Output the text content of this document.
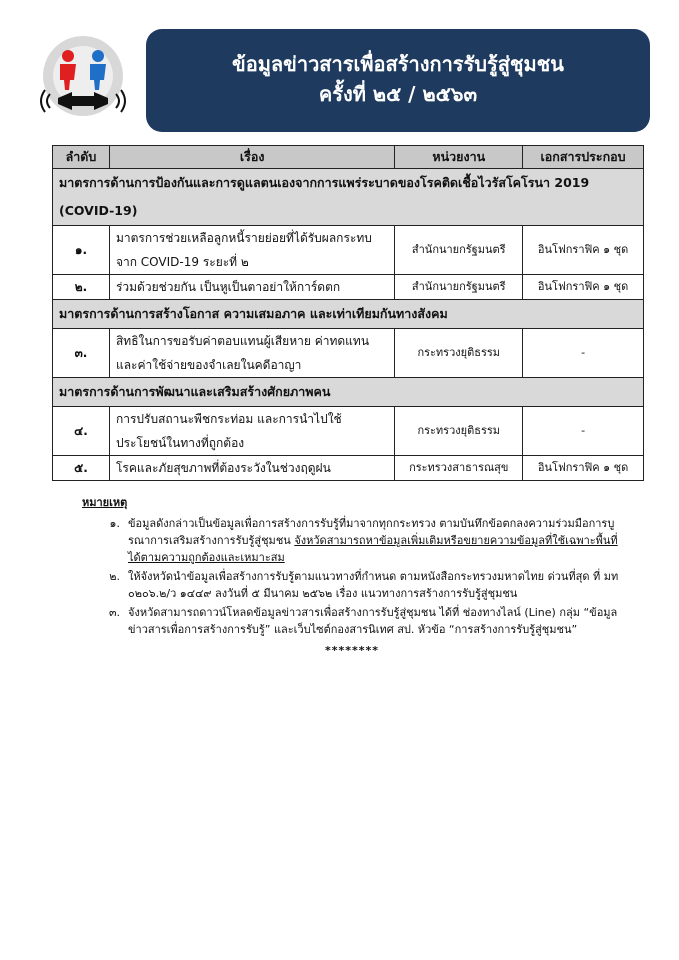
ข้อมูลข่าวสารเพื่อสร้างการรับรู้สู่ชุมชน
ครั้งที่ ๒๕ / ๒๕๖๓
ลำดับ	เรื่อง	หน่วยงาน	เอกสารประกอบ
มาตรการด้านการป้องกันและการดูแลตนเองจากการแพร่ระบาดของโรคติดเชื้อไวรัสโคโรนา 2019 (COVID-19)			
๑.	มาตรการช่วยเหลือลูกหนี้รายย่อยที่ได้รับผลกระทบจาก COVID-19 ระยะที่ ๒	สำนักนายกรัฐมนตรี	อินโฟกราฟิค ๑ ชุด
๒.	ร่วมด้วยช่วยกัน เป็นหูเป็นตาอย่าให้การ์ดตก	สำนักนายกรัฐมนตรี	อินโฟกราฟิค ๑ ชุด
มาตรการด้านการสร้างโอกาส ความเสมอภาค และเท่าเทียมกันทางสังคม			
๓.	สิทธิในการขอรับค่าตอบแทนผู้เสียหาย ค่าทดแทนและค่าใช้จ่ายของจำเลยในคดีอาญา	กระทรวงยุติธรรม	-
มาตรการด้านการพัฒนาและเสริมสร้างศักยภาพคน			
๔.	การปรับสถานะพืชกระท่อม และการนำไปใช้ประโยชน์ในทางที่ถูกต้อง	กระทรวงยุติธรรม	-
๕.	โรคและภัยสุขภาพที่ต้องระวังในช่วงฤดูฝน	กระทรวงสาธารณสุข	อินโฟกราฟิค ๑ ชุด
หมายเหตุ
๑. ข้อมูลดังกล่าวเป็นข้อมูลเพื่อการสร้างการรับรู้ที่มาจากทุกกระทรวง ตามบันทึกข้อตกลงความร่วมมือการบูรณาการเสริมสร้างการรับรู้สู่ชุมชน จังหวัดสามารถหาข้อมูลเพิ่มเติมหรือขยายความข้อมูลที่ใช้เฉพาะพื้นที่ได้ตามความถูกต้องและเหมาะสม
๒. ให้จังหวัดนำข้อมูลเพื่อสร้างการรับรู้ตามแนวทางที่กำหนด ตามหนังสือกระทรวงมหาดไทย ด่วนที่สุด ที่ มท ๐๒๐๖.๒/ว ๑๔๔๙ ลงวันที่ ๕ มีนาคม ๒๕๖๒ เรื่อง แนวทางการสร้างการรับรู้สู่ชุมชน
๓. จังหวัดสามารถดาวน์โหลดข้อมูลข่าวสารเพื่อสร้างการรับรู้สู่ชุมชน ได้ที่ ช่องทางไลน์ (Line) กลุ่ม “ข้อมูลข่าวสารเพื่อการสร้างการรับรู้” และเว็บไซต์กองสารนิเทศ สป. หัวข้อ “การสร้างการรับรู้สู่ชุมชน”
********
